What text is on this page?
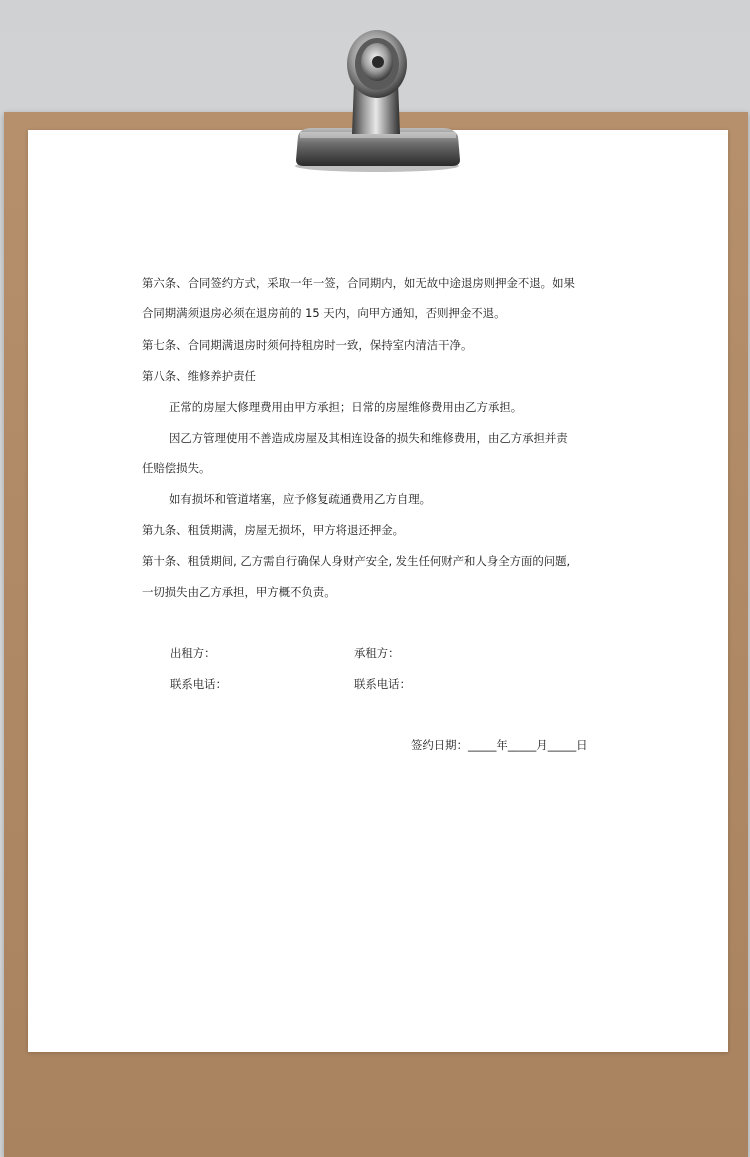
第六条、合同签约方式，采取一年一签，合同期内，如无故中途退房则押金不退。如果

合同期满须退房必须在退房前的 15 天内，向甲方通知，否则押金不退。

第七条、合同期满退房时须何持租房时一致，保持室内清洁干净。

第八条、维修养护责任

正常的房屋大修理费用由甲方承担；日常的房屋维修费用由乙方承担。

因乙方管理使用不善造成房屋及其相连设备的损失和维修费用，由乙方承担并责

任赔偿损失。

如有损坏和管道堵塞，应予修复疏通费用乙方自理。

第九条、租赁期满，房屋无损坏，甲方将退还押金。

第十条、租赁期间, 乙方需自行确保人身财产安全, 发生任何财产和人身全方面的问题,

一切损失由乙方承担，甲方概不负责。

出租方：	承租方：
联系电话：	联系电话：
签约日期：_____年_____月_____日
